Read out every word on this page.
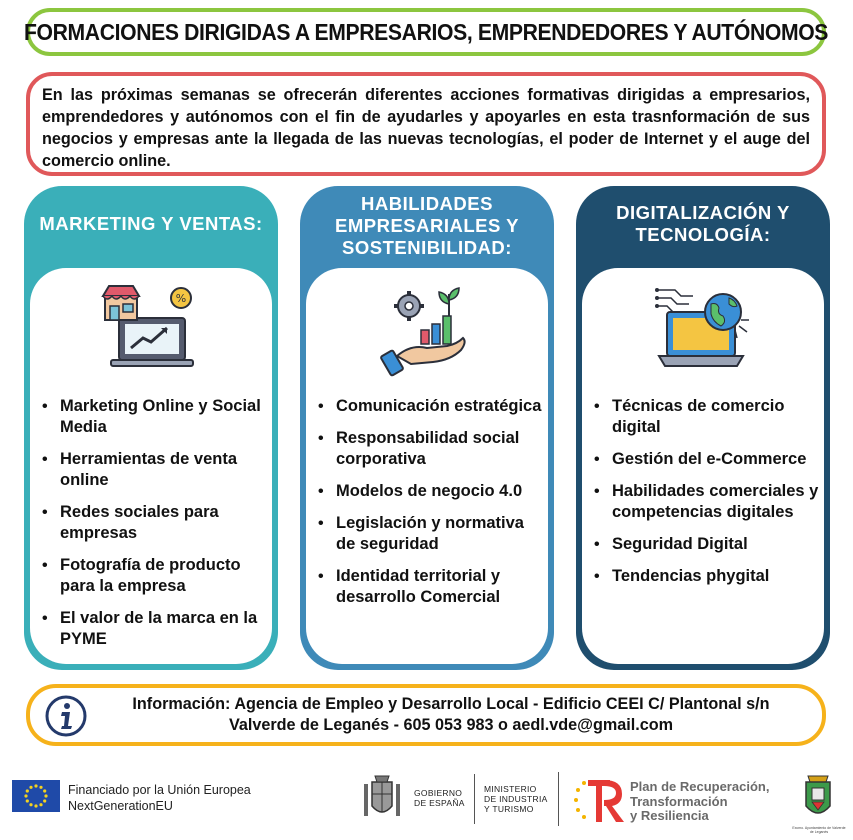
FORMACIONES DIRIGIDAS A EMPRESARIOS, EMPRENDEDORES Y AUTÓNOMOS

En las próximas semanas se ofrecerán diferentes acciones formativas dirigidas a empresarios, emprendedores y autónomos con el fin de ayudarles y apoyarles en esta trasnformación de sus negocios y empresas ante la llegada de las nuevas tecnologías, el poder de Internet y el auge del comercio online.

MARKETING Y VENTAS:
%
• Marketing Online y Social Media
• Herramientas de venta online
• Redes sociales para empresas
• Fotografía de producto para la empresa
• El valor de la marca en la PYME
HABILIDADES EMPRESARIALES Y SOSTENIBILIDAD:
• Comunicación estratégica
• Responsabilidad social corporativa
• Modelos de negocio 4.0
• Legislación y normativa de seguridad
• Identidad territorial y desarrollo Comercial
DIGITALIZACIÓN Y TECNOLOGÍA:
• Técnicas de comercio digital
• Gestión del e-Commerce
• Habilidades comerciales y competencias digitales
• Seguridad Digital
• Tendencias phygital
Información: Agencia de Empleo y Desarrollo Local - Edificio CEEI C/ Plantonal s/n
Valverde de Leganés - 605 053 983 o aedl.vde@gmail.com
Financiado por la Unión Europea
NextGenerationEU
GOBIERNO
DE ESPAÑA
MINISTERIO
DE INDUSTRIA
Y TURISMO
Plan de Recuperación,
Transformación
y Resiliencia
Excmo. Ayuntamiento de Valverde de Leganés
